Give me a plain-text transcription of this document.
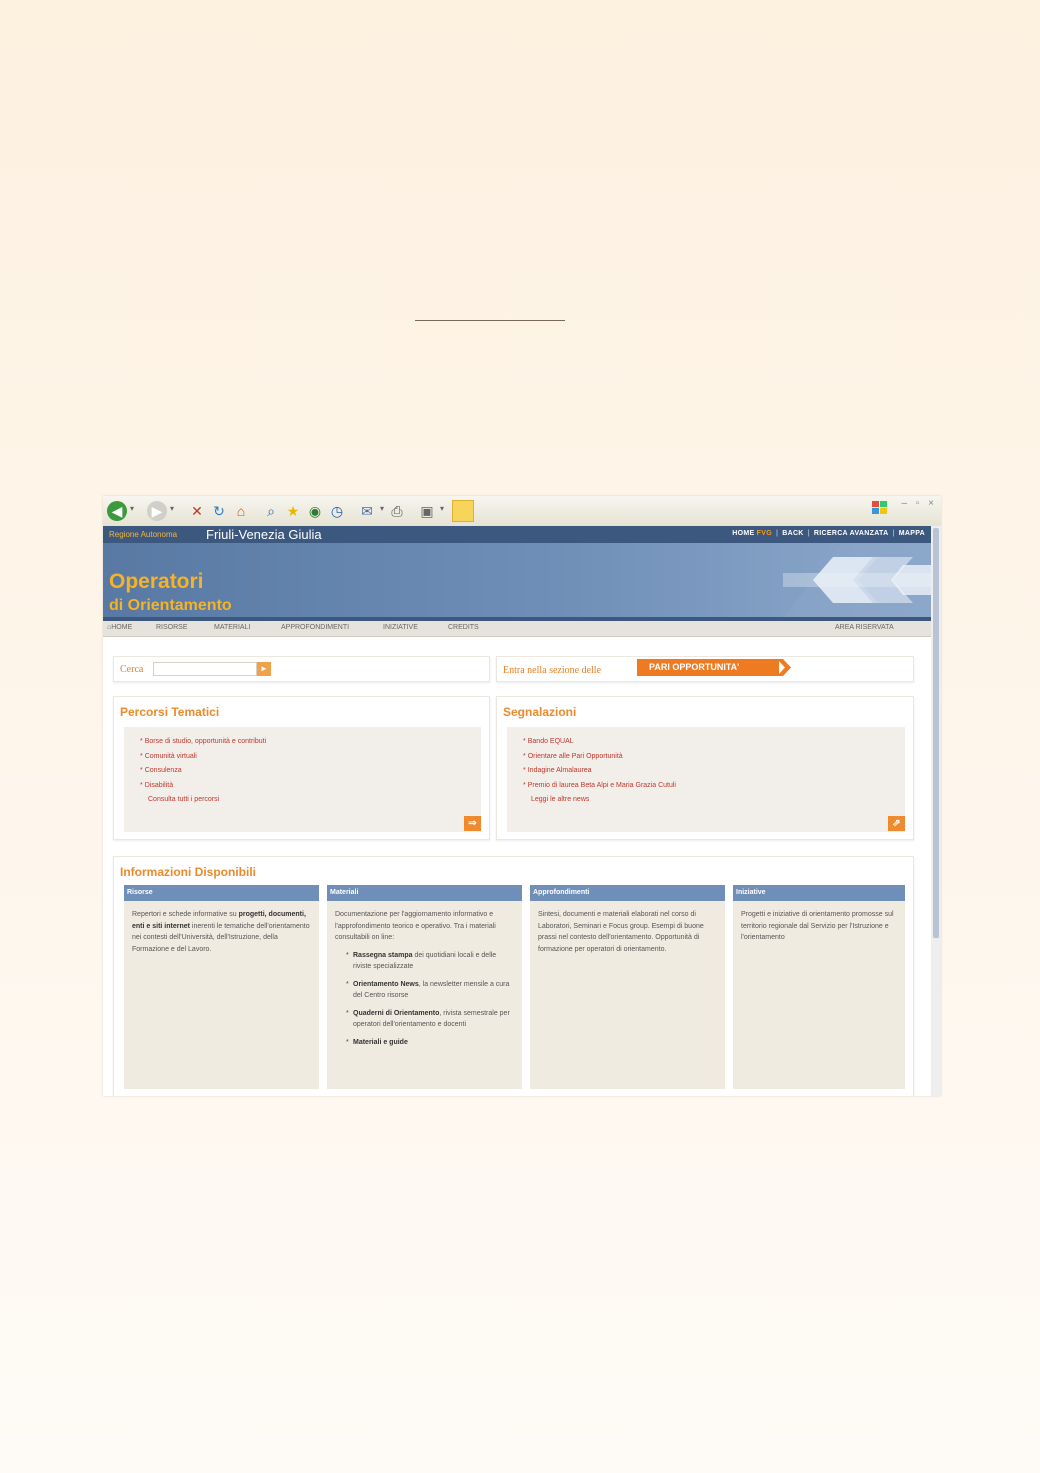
◀ ▾	▶ ▾ ✕ ↻ ⌂	⌕ ★ ◉ ◷ ✉ ▾ ⎙	▣ ▾	– ▫ ×
Regione Autonoma Friuli-Venezia Giulia	HOME FVG | BACK | RICERCA AVANZATA | MAPPA
Operatori
di Orientamento
⌂HOME	RISORSE	MATERIALI	APPROFONDIMENTI	INIZIATIVE	CREDITS	AREA RISERVATA
Cerca	►	Entra nella sezione delle	PARI OPPORTUNITA'
Percorsi Tematici
* Borse di studio, opportunità e contributi
* Comunità virtuali
* Consulenza
* Disabilità
Consulta tutti i percorsi
⇒
Segnalazioni
* Bando EQUAL
* Orientare alle Pari Opportunità
* Indagine Almalaurea
* Premio di laurea Beta Alpi e Maria Grazia Cutuli
Leggi le altre news
⇗
Informazioni Disponibili
Risorse
Repertori e schede informative su progetti, documenti, enti e siti internet inerenti le tematiche dell'orientamento nei contesti dell'Università, dell'Istruzione, della Formazione e del Lavoro.
Materiali
Documentazione per l'aggiornamento informativo e l'approfondimento teorico e operativo. Tra i materiali consultabili on line:
* Rassegna stampa dei quotidiani locali e delle riviste specializzate
* Orientamento News, la newsletter mensile a cura del Centro risorse
* Quaderni di Orientamento, rivista semestrale per operatori dell'orientamento e docenti
* Materiali e guide
Approfondimenti
Sintesi, documenti e materiali elaborati nel corso di Laboratori, Seminari e Focus group. Esempi di buone prassi nel contesto dell'orientamento. Opportunità di formazione per operatori di orientamento.
Iniziative
Progetti e iniziative di orientamento promosse sul territorio regionale dal Servizio per l'Istruzione e l'orientamento
